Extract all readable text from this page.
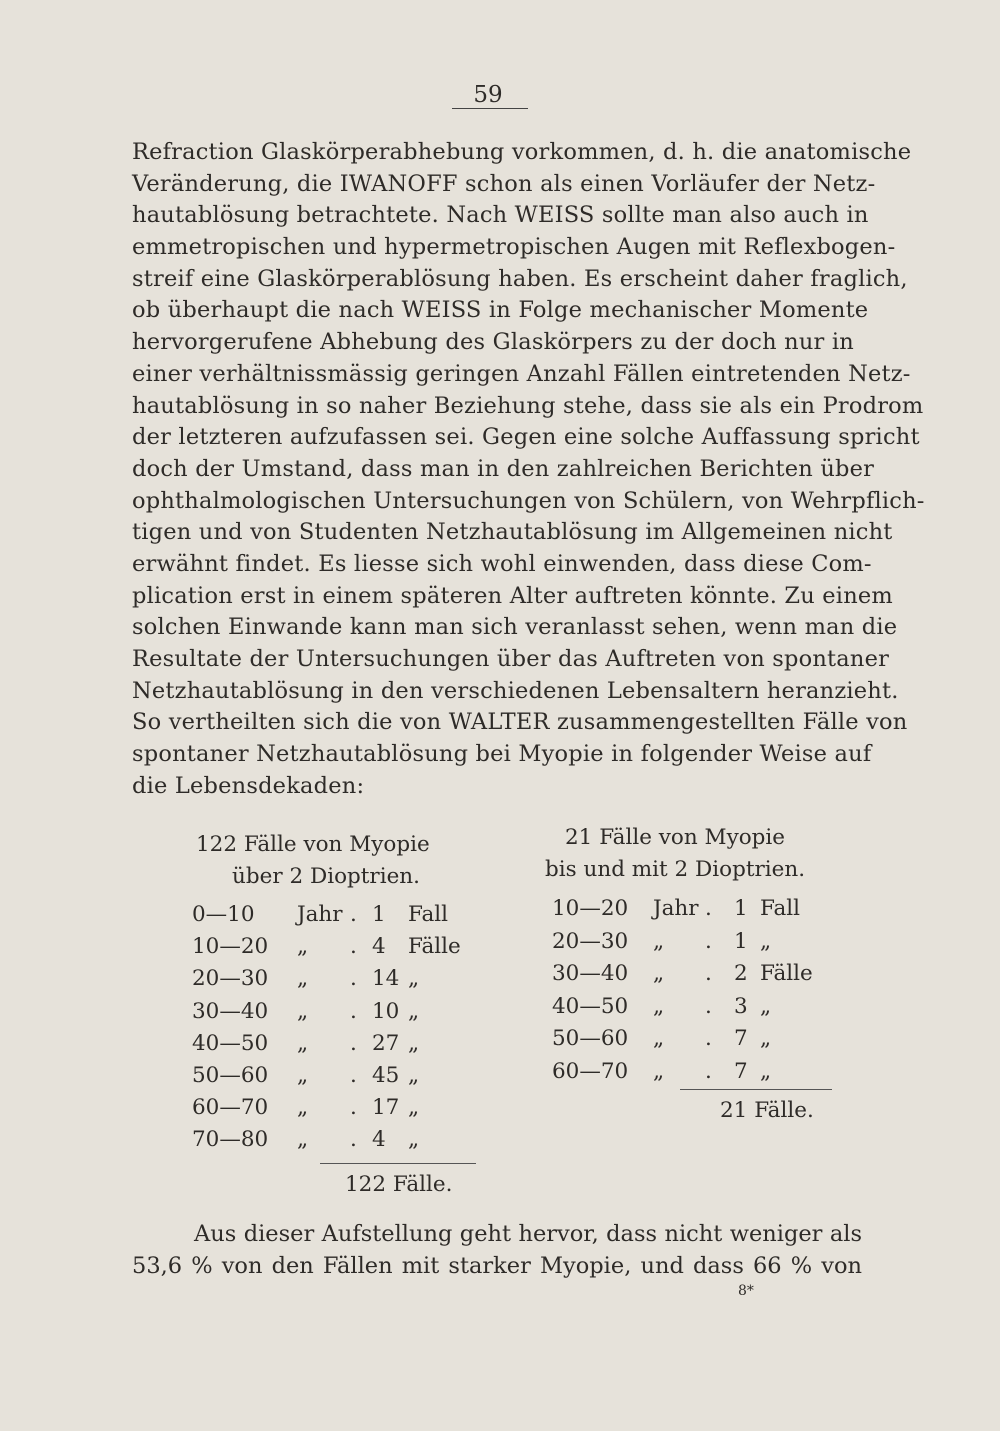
59
Refraction Glaskörperabhebung vorkommen, d. h. die anatomische
Veränderung, die IWANOFF schon als einen Vorläufer der Netz-
hautablösung betrachtete. Nach WEISS sollte man also auch in
emmetropischen und hypermetropischen Augen mit Reflexbogen-
streif eine Glaskörperablösung haben. Es erscheint daher fraglich,
ob überhaupt die nach WEISS in Folge mechanischer Momente
hervorgerufene Abhebung des Glaskörpers zu der doch nur in
einer verhältnissmässig geringen Anzahl Fällen eintretenden Netz-
hautablösung in so naher Beziehung stehe, dass sie als ein Prodrom
der letzteren aufzufassen sei. Gegen eine solche Auffassung spricht
doch der Umstand, dass man in den zahlreichen Berichten über
ophthalmologischen Untersuchungen von Schülern, von Wehrpflich-
tigen und von Studenten Netzhautablösung im Allgemeinen nicht
erwähnt findet. Es liesse sich wohl einwenden, dass diese Com-
plication erst in einem späteren Alter auftreten könnte. Zu einem
solchen Einwande kann man sich veranlasst sehen, wenn man die
Resultate der Untersuchungen über das Auftreten von spontaner
Netzhautablösung in den verschiedenen Lebensaltern heranzieht.
So vertheilten sich die von WALTER zusammengestellten Fälle von
spontaner Netzhautablösung bei Myopie in folgender Weise auf
die Lebensdekaden:
122 Fälle von Myopie
über 2 Dioptrien.
0—10 Jahr . 1 Fall
10—20 „ . 4 Fälle
20—30 „ . 14 „
30—40 „ . 10 „
40—50 „ . 27 „
50—60 „ . 45 „
60—70 „ . 17 „
70—80 „ . 4 „
122 Fälle.
21 Fälle von Myopie
bis und mit 2 Dioptrien.
10—20 Jahr . 1 Fall
20—30 „ . 1 „
30—40 „ . 2 Fälle
40—50 „ . 3 „
50—60 „ . 7 „
60—70 „ . 7 „
21 Fälle.
Aus dieser Aufstellung geht hervor, dass nicht weniger als
53,6 % von den Fällen mit starker Myopie, und dass 66 % von
8*
